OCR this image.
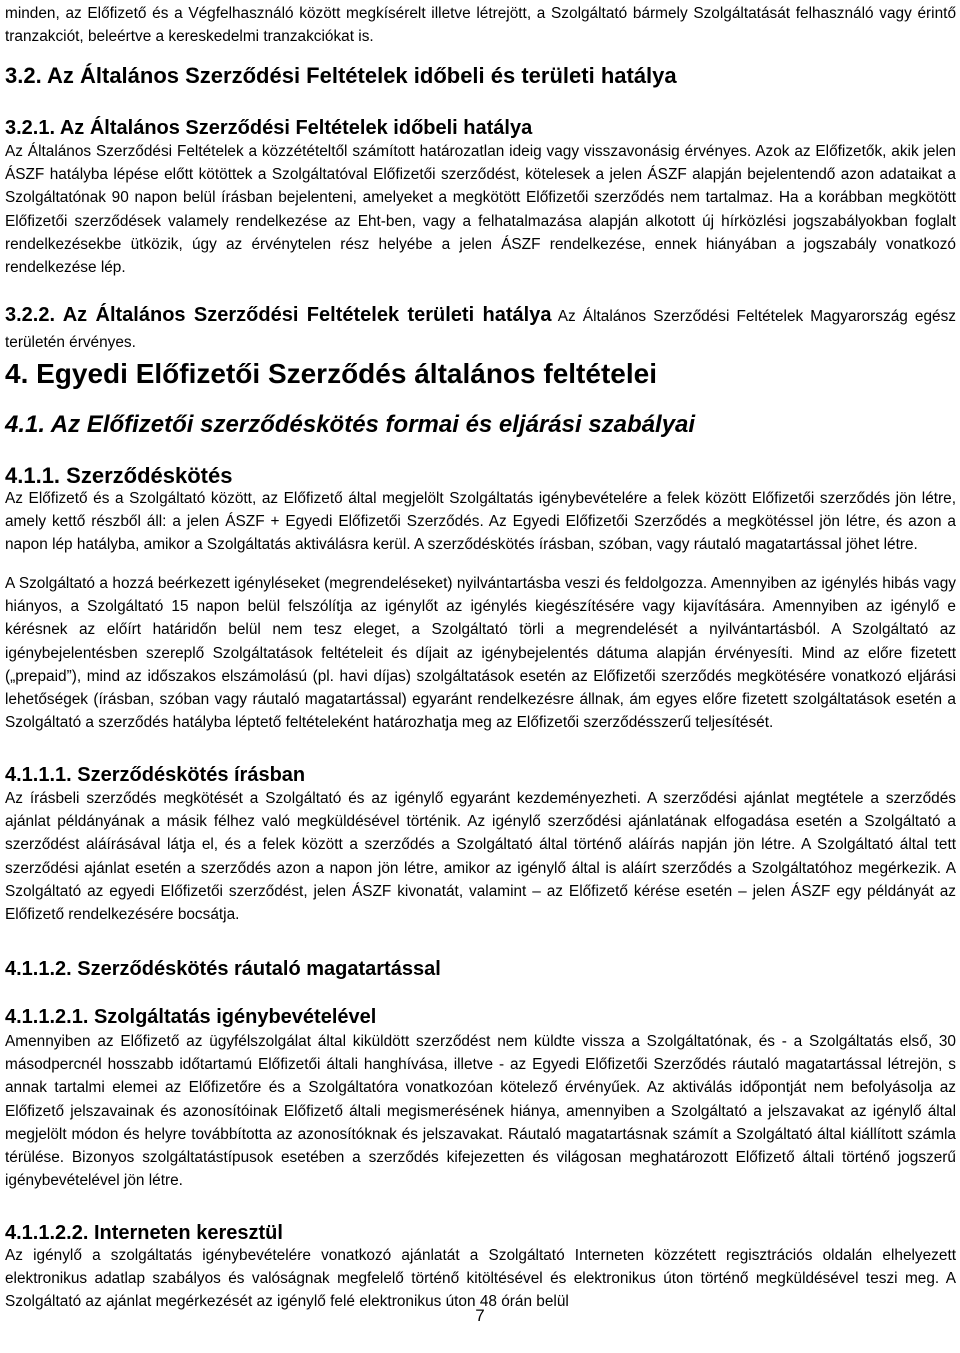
minden, az Előfizető és a Végfelhasználó között megkísérelt illetve létrejött, a Szolgáltató bármely Szolgáltatását felhasználó vagy érintő tranzakciót, beleértve a kereskedelmi tranzakciókat is.

3.2. Az Általános Szerződési Feltételek időbeli és területi hatálya
3.2.1. Az Általános Szerződési Feltételek időbeli hatálya

Az Általános Szerződési Feltételek a közzétételtől számított határozatlan ideig vagy visszavonásig érvényes. Azok az Előfizetők, akik jelen ÁSZF hatályba lépése előtt kötöttek a Szolgáltatóval Előfizetői szerződést, kötelesek a jelen ÁSZF alapján bejelentendő azon adataikat a Szolgáltatónak 90 napon belül írásban bejelenteni, amelyeket a megkötött Előfizetői szerződés nem tartalmaz. Ha a korábban megkötött Előfizetői szerződések valamely rendelkezése az Eht-ben, vagy a felhatalmazása alapján alkotott új hírközlési jogszabályokban foglalt rendelkezésekbe ütközik, úgy az érvénytelen rész helyébe a jelen ÁSZF rendelkezése, ennek hiányában a jogszabály vonatkozó rendelkezése lép.

3.2.2. Az Általános Szerződési Feltételek területi hatálya Az Általános Szerződési Feltételek Magyarország egész területén érvényes.

4. Egyedi Előfizetői Szerződés általános feltételei
4.1. Az Előfizetői szerződéskötés formai és eljárási szabályai
4.1.1. Szerződéskötés

Az Előfizető és a Szolgáltató között, az Előfizető által megjelölt Szolgáltatás igénybevételére a felek között Előfizetői szerződés jön létre, amely kettő részből áll: a jelen ÁSZF + Egyedi Előfizetői Szerződés. Az Egyedi Előfizetői Szerződés a megkötéssel jön létre, és azon a napon lép hatályba, amikor a Szolgáltatás aktiválásra kerül. A szerződéskötés írásban, szóban, vagy ráutaló magatartással jöhet létre.

A Szolgáltató a hozzá beérkezett igényléseket (megrendeléseket) nyilvántartásba veszi és feldolgozza. Amennyiben az igénylés hibás vagy hiányos, a Szolgáltató 15 napon belül felszólítja az igénylőt az igénylés kiegészítésére vagy kijavítására. Amennyiben az igénylő e kérésnek az előírt határidőn belül nem tesz eleget, a Szolgáltató törli a megrendelését a nyilvántartásból. A Szolgáltató az igénybejelentésben szereplő Szolgáltatások feltételeit és díjait az igénybejelentés dátuma alapján érvényesíti. Mind az előre fizetett („prepaid”), mind az időszakos elszámolású (pl. havi díjas) szolgáltatások esetén az Előfizetői szerződés megkötésére vonatkozó eljárási lehetőségek (írásban, szóban vagy ráutaló magatartással) egyaránt rendelkezésre állnak, ám egyes előre fizetett szolgáltatások esetén a Szolgáltató a szerződés hatályba léptető feltételeként határozhatja meg az Előfizetői szerződésszerű teljesítését.

4.1.1.1. Szerződéskötés írásban

Az írásbeli szerződés megkötését a Szolgáltató és az igénylő egyaránt kezdeményezheti. A szerződési ajánlat megtétele a szerződés ajánlat példányának a másik félhez való megküldésével történik. Az igénylő szerződési ajánlatának elfogadása esetén a Szolgáltató a szerződést aláírásával látja el, és a felek között a szerződés a Szolgáltató által történő aláírás napján jön létre. A Szolgáltató által tett szerződési ajánlat esetén a szerződés azon a napon jön létre, amikor az igénylő által is aláírt szerződés a Szolgáltatóhoz megérkezik. A Szolgáltató az egyedi Előfizetői szerződést, jelen ÁSZF kivonatát, valamint – az Előfizető kérése esetén – jelen ÁSZF egy példányát az Előfizető rendelkezésére bocsátja.

4.1.1.2. Szerződéskötés ráutaló magatartással
4.1.1.2.1. Szolgáltatás igénybevételével

Amennyiben az Előfizető az ügyfélszolgálat által kiküldött szerződést nem küldte vissza a Szolgáltatónak, és - a Szolgáltatás első, 30 másodpercnél hosszabb időtartamú Előfizetői általi hanghívása, illetve - az Egyedi Előfizetői Szerződés ráutaló magatartással létrejön, s annak tartalmi elemei az Előfizetőre és a Szolgáltatóra vonatkozóan kötelező érvényűek. Az aktiválás időpontját nem befolyásolja az Előfizető jelszavainak és azonosítóinak Előfizető általi megismerésének hiánya, amennyiben a Szolgáltató a jelszavakat az igénylő által megjelölt módon és helyre továbbította az azonosítóknak és jelszavakat. Ráutaló magatartásnak számít a Szolgáltató által kiállított számla térülése. Bizonyos szolgáltatástípusok esetében a szerződés kifejezetten és világosan meghatározott Előfizető általi történő jogszerű igénybevételével jön létre.

4.1.1.2.2. Interneten keresztül

Az igénylő a szolgáltatás igénybevételére vonatkozó ajánlatát a Szolgáltató Interneten közzétett regisztrációs oldalán elhelyezett elektronikus adatlap szabályos és valóságnak megfelelő történő kitöltésével és elektronikus úton történő megküldésével teszi meg. A Szolgáltató az ajánlat megérkezését az igénylő felé elektronikus úton 48 órán belül

7
